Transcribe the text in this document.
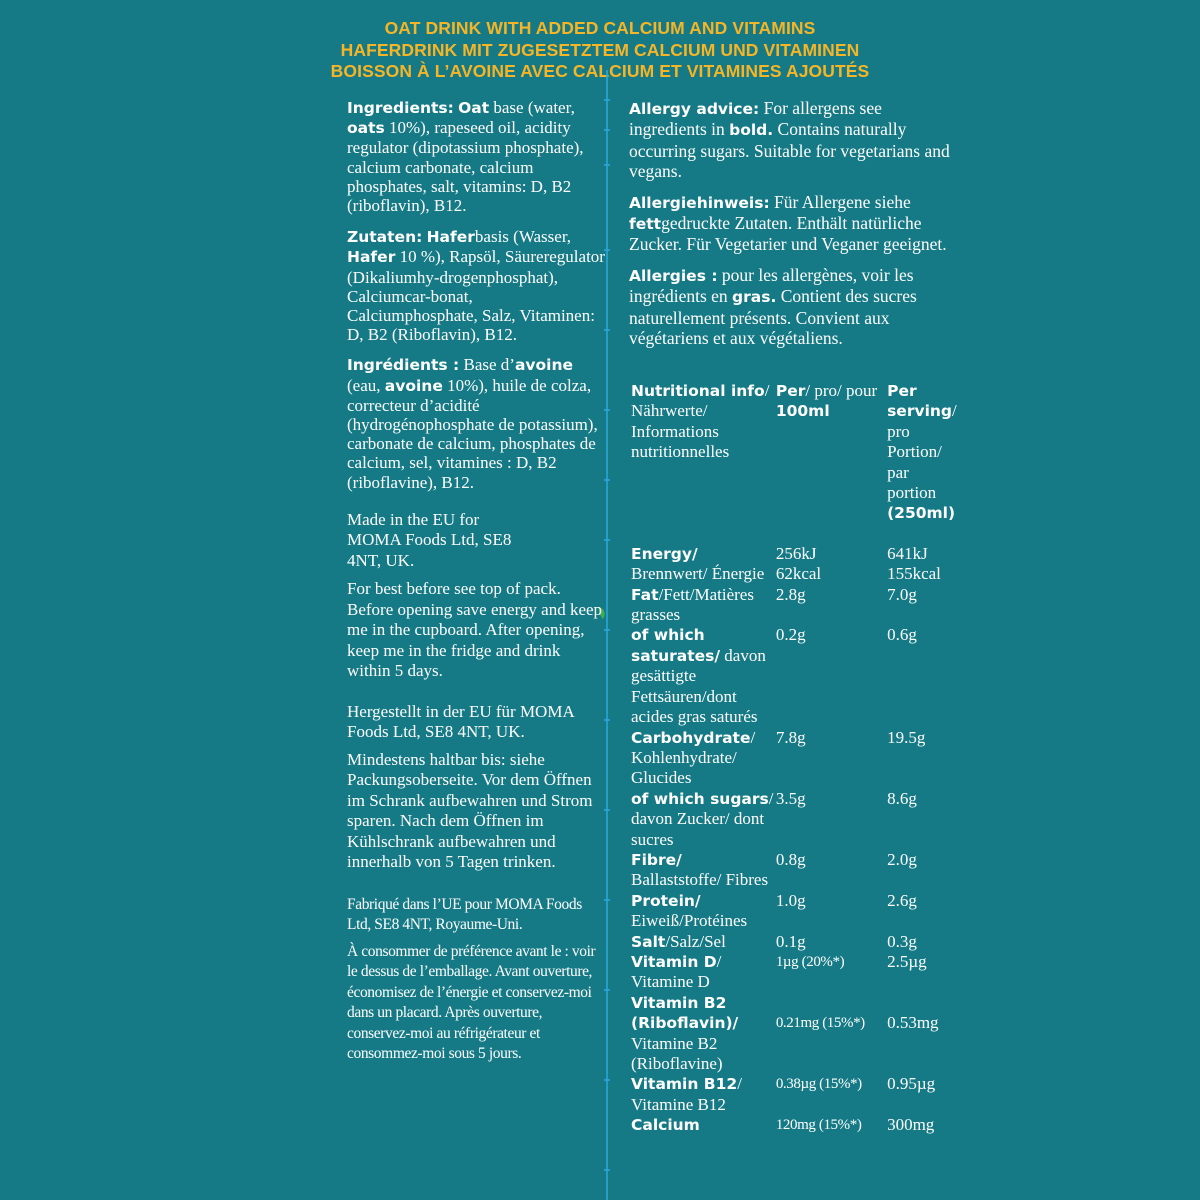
OAT DRINK WITH ADDED CALCIUM AND VITAMINS
HAFERDRINK MIT ZUGESETZTEM CALCIUM UND VITAMINEN
BOISSON À L’AVOINE AVEC CALCIUM ET VITAMINES AJOUTÉS

Ingredients: Oat base (water, oats 10%), rapeseed oil, acidity regulator (dipotassium phosphate), calcium carbonate, calcium phosphates, salt, vitamins: D, B2 (riboflavin), B12.

Zutaten: Haferbasis (Wasser, Hafer 10 %), Rapsöl, Säureregulator (Dikaliumhy-drogenphosphat), Calciumcar-bonat, Calciumphosphate, Salz, Vitaminen: D, B2 (Riboflavin), B12.

Ingrédients : Base d’avoine (eau, avoine 10%), huile de colza, correcteur d’acidité (hydrogénophosphate de potassium), carbonate de calcium, phosphates de calcium, sel, vitamines : D, B2 (riboflavine), B12.

Made in the EU for MOMA Foods Ltd, SE8 4NT, UK.

For best before see top of pack. Before opening save energy and keep me in the cupboard. After opening, keep me in the fridge and drink within 5 days.

Hergestellt in der EU für MOMA Foods Ltd, SE8 4NT, UK.

Mindestens haltbar bis: siehe Packungsoberseite. Vor dem Öffnen im Schrank aufbewahren und Strom sparen. Nach dem Öffnen im Kühlschrank aufbewahren und innerhalb von 5 Tagen trinken.

Fabriqué dans l’UE pour MOMA Foods Ltd, SE8 4NT, Royaume-Uni.

À consommer de préférence avant le : voir le dessus de l’emballage. Avant ouverture, économisez de l’énergie et conservez-moi dans un placard. Après ouverture, conservez-moi au réfrigérateur et consommez-moi sous 5 jours.

Allergy advice: For allergens see ingredients in bold. Contains naturally occurring sugars. Suitable for vegetarians and vegans.

Allergiehinweis: Für Allergene siehe fettgedruckte Zutaten. Enthält natürliche Zucker. Für Vegetarier und Veganer geeignet.

Allergies : pour les allergènes, voir les ingrédients en gras. Contient des sucres naturellement présents. Convient aux végétariens et aux végétaliens.

Nutritional info/ Nährwerte/ Informations nutritionnelles	Per/ pro/ pour 100ml	Per serving/ pro Portion/ par portion (250ml)
Energy/ Brennwert/ Énergie	256kJ 62kcal	641kJ 155kcal
Fat/Fett/Matières grasses	2.8g	7.0g
of which saturates/ davon gesättigte Fettsäuren/dont acides gras saturés	0.2g	0.6g
Carbohydrate/ Kohlenhydrate/ Glucides	7.8g	19.5g
of which sugars/ davon Zucker/ dont sucres	3.5g	8.6g
Fibre/ Ballaststoffe/ Fibres	0.8g	2.0g
Protein/ Eiweiß/Protéines	1.0g	2.6g
Salt/Salz/Sel	0.1g	0.3g
Vitamin D/ Vitamine D	1µg (20%*)	2.5µg
Vitamin B2 (Riboflavin)/ Vitamine B2 (Riboflavine)	0.21mg (15%*)	0.53mg
Vitamin B12/ Vitamine B12	0.38µg (15%*)	0.95µg
Calcium	120mg (15%*)	300mg
